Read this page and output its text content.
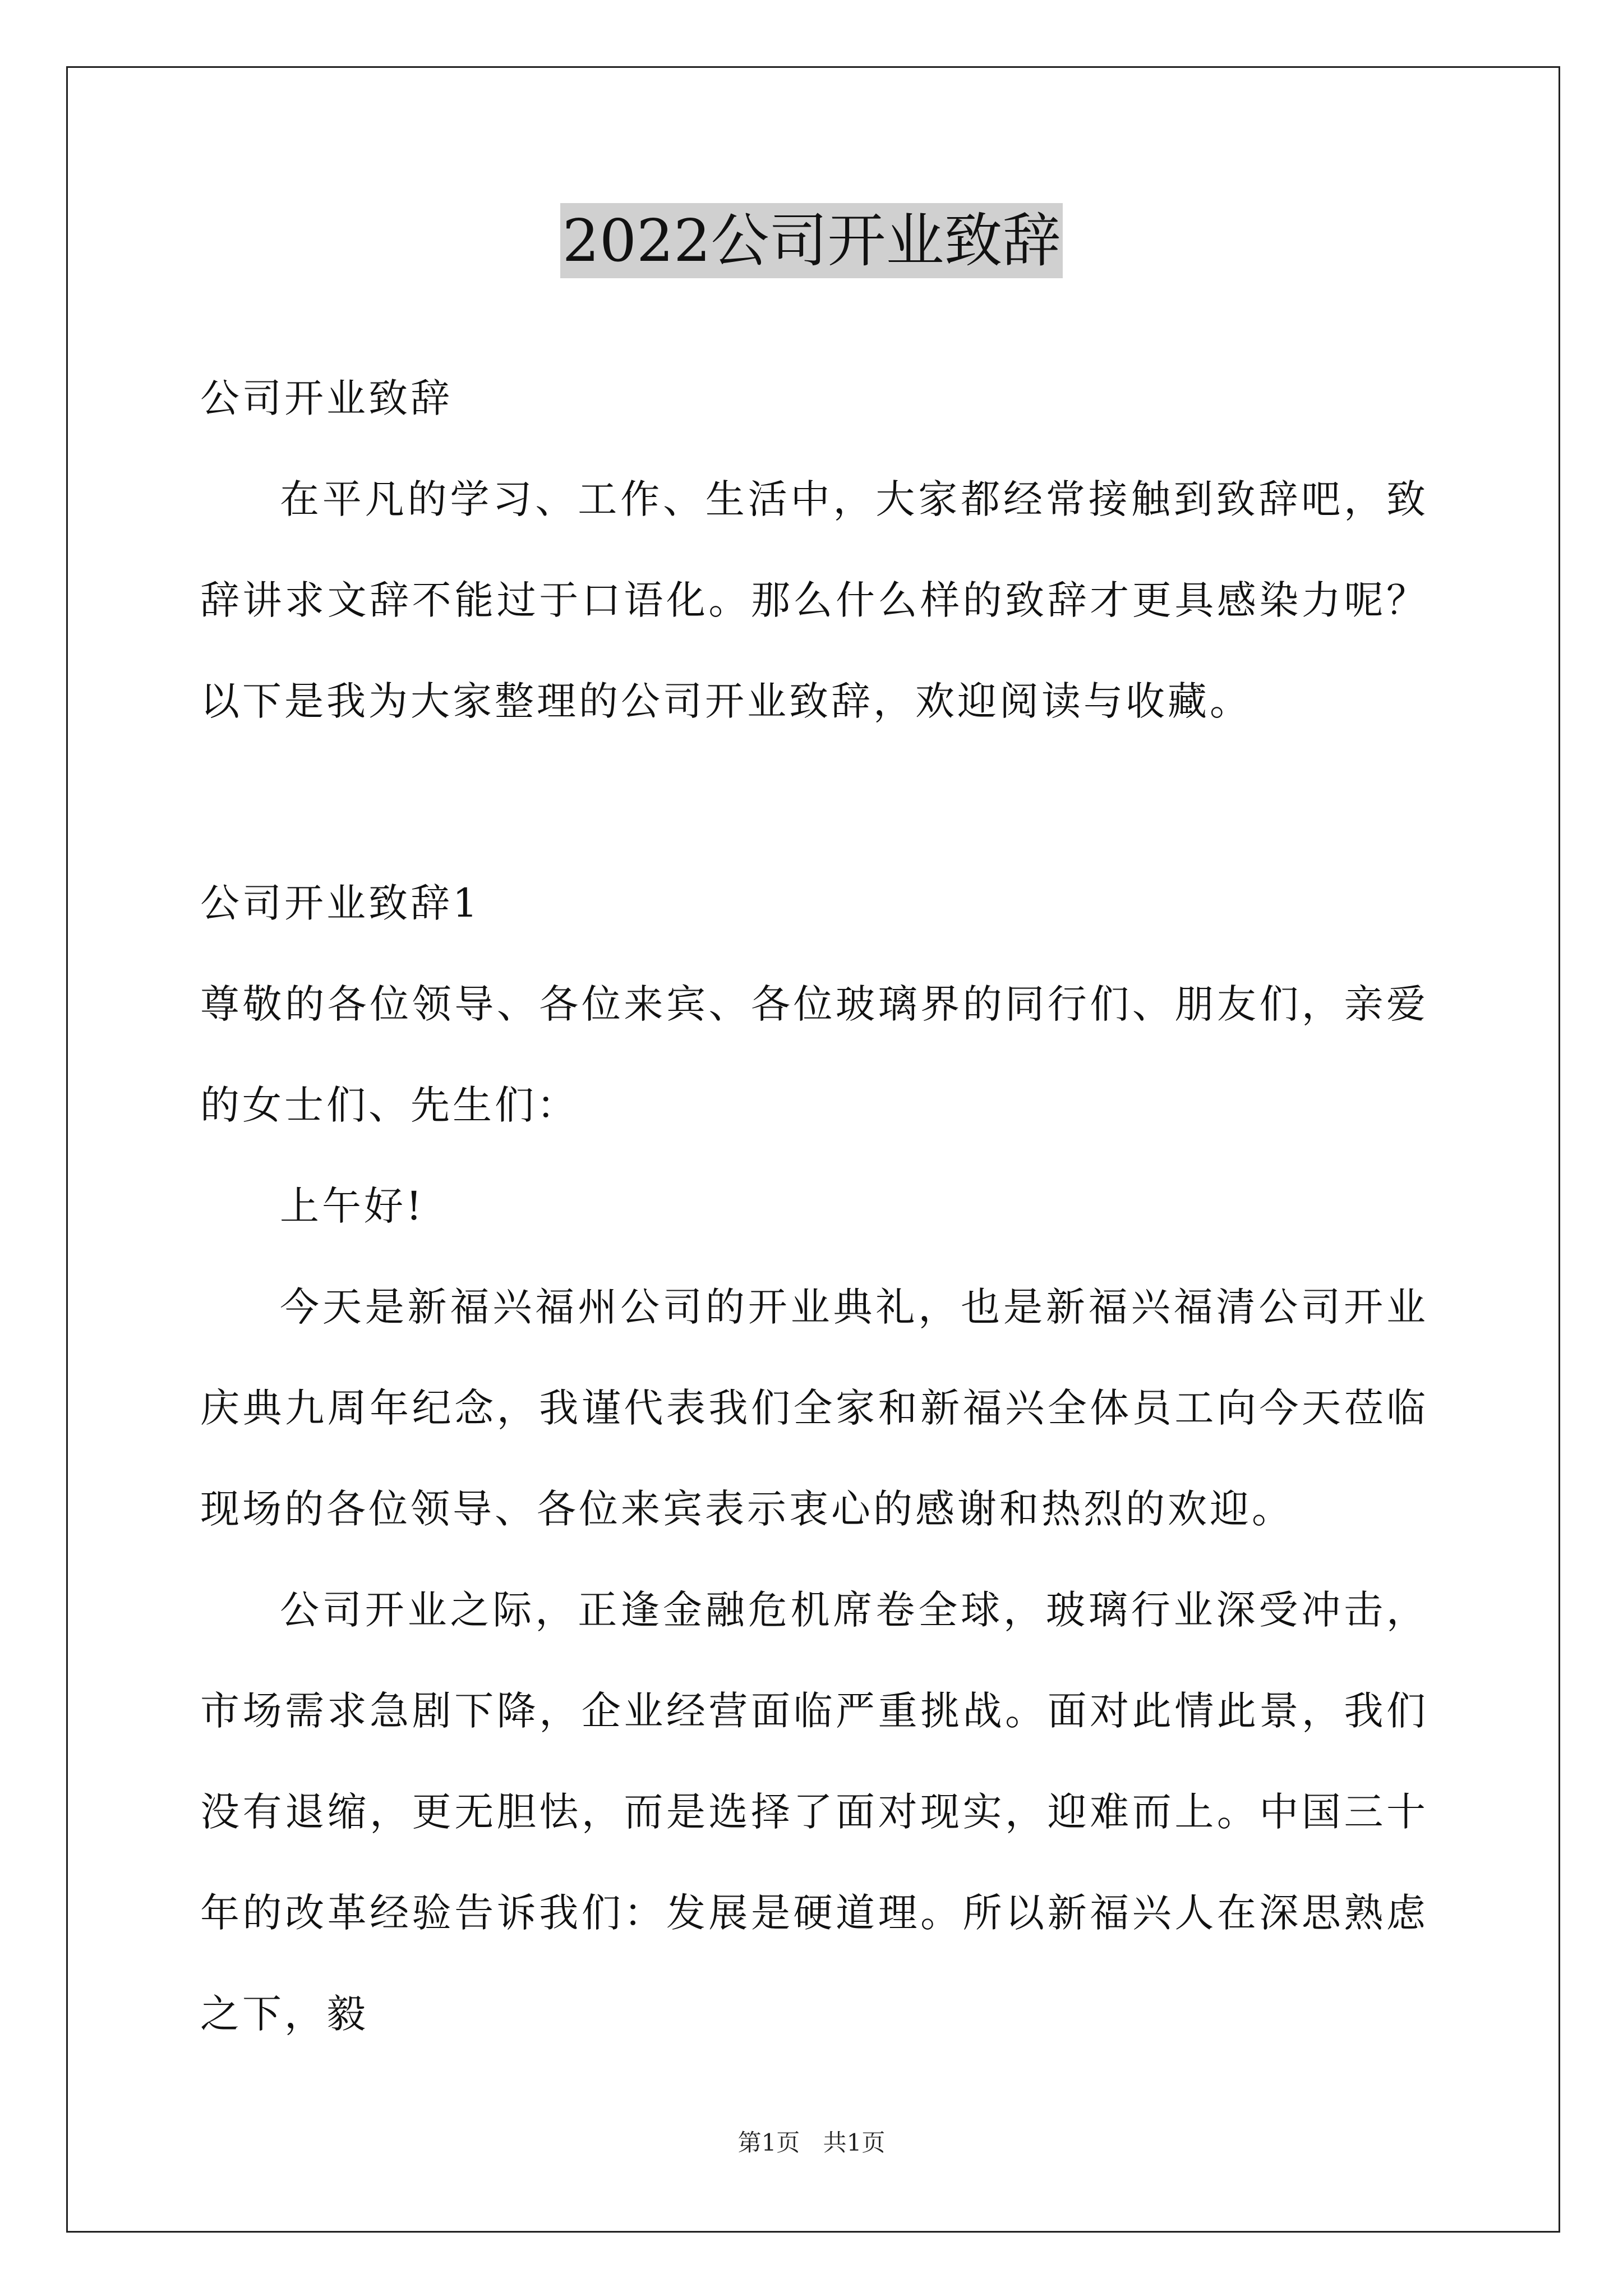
2022公司开业致辞

公司开业致辞

在平凡的学习、工作、生活中，大家都经常接触到致辞吧，致辞讲求文辞不能过于口语化。那么什么样的致辞才更具感染力呢？以下是我为大家整理的公司开业致辞，欢迎阅读与收藏。

公司开业致辞1

尊敬的各位领导、各位来宾、各位玻璃界的同行们、朋友们，亲爱的女士们、先生们：

上午好!

今天是新福兴福州公司的开业典礼，也是新福兴福清公司开业庆典九周年纪念，我谨代表我们全家和新福兴全体员工向今天莅临现场的各位领导、各位来宾表示衷心的感谢和热烈的欢迎。

公司开业之际，正逢金融危机席卷全球，玻璃行业深受冲击，市场需求急剧下降，企业经营面临严重挑战。面对此情此景，我们没有退缩，更无胆怯，而是选择了面对现实，迎难而上。中国三十年的改革经验告诉我们：发展是硬道理。所以新福兴人在深思熟虑之下，毅

第1页 共1页
